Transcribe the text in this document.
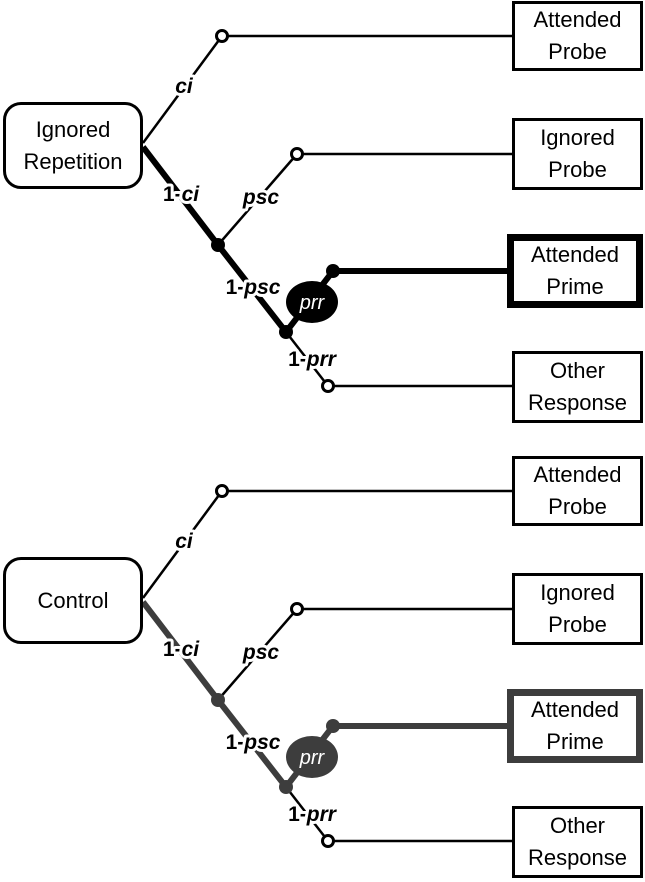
ci
1-ci psc
1-psc
1-prr
prr
ci
1-ci psc
1-psc
1-prr
prr
Ignored
Repetition
Attended
Probe
Ignored
Probe
Attended
Prime
Other
Response
Control
Attended
Probe
Ignored
Probe
Attended
Prime
Other
Response
